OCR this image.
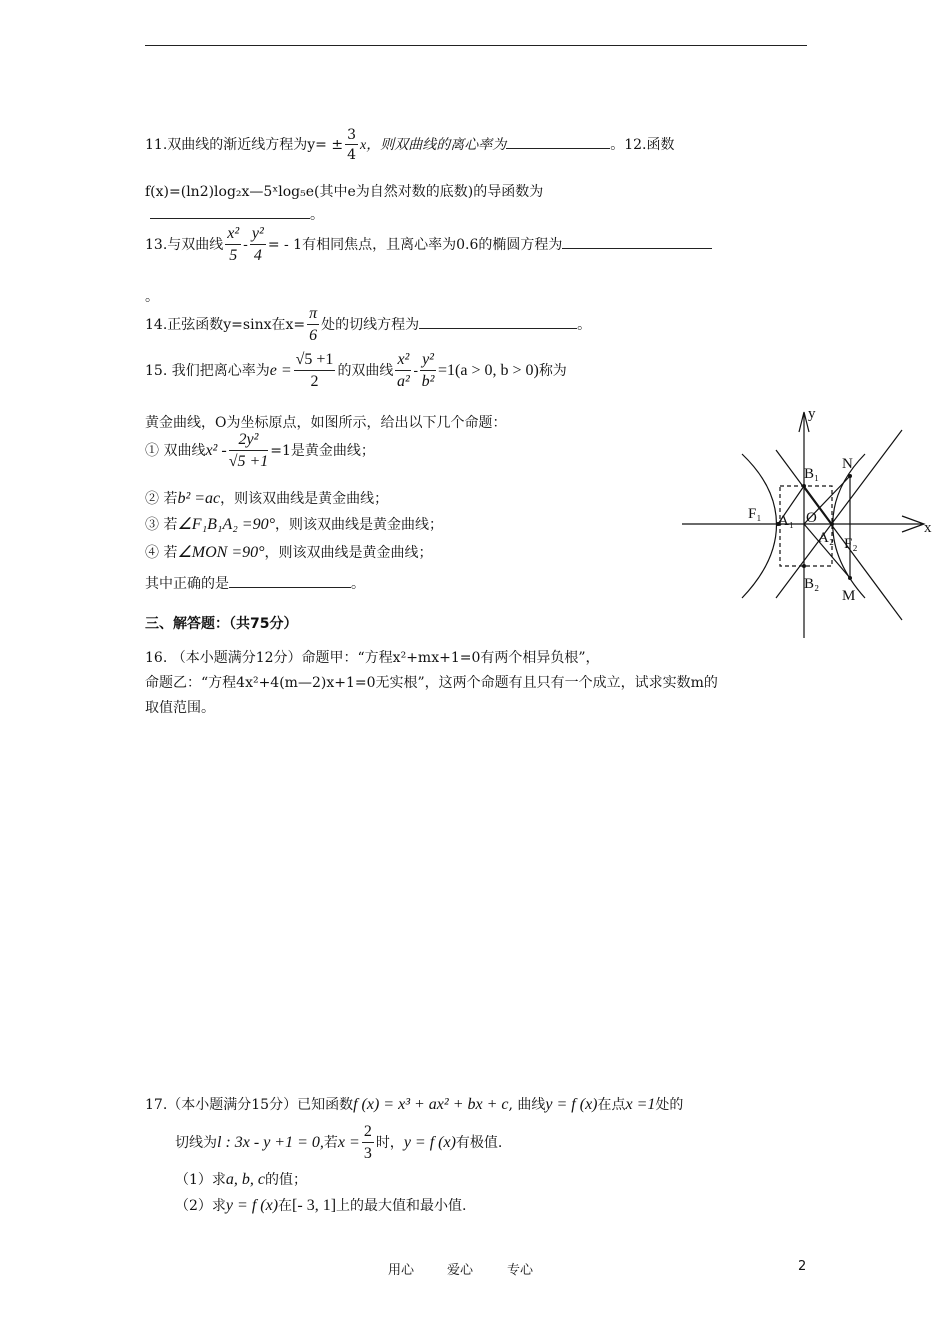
11.双曲线的渐近线方程为$y= \pm \frac{3}{4}$ x，则双曲线的离心率为	。12.函数
f(x)=(ln2)log₂x—5ˣlog₅e(其中e为自然对数的底数)的导函数为
。
13.与双曲线 $\frac{\text{x²}}{5} - \frac{\text{y²}}{4}$ = - 1有相同焦点，且离心率为0.6的椭圆方程为
。
14.正弦函数y=sinx在$x= \frac{\pi}{6}$ 处的切线方程为	。
15. 我们把离心率为$e = \frac{√5 +1}{2}$ 的双曲线 $\frac{\text{x²}}{\text{a²}} - \frac{\text{y²}}{\text{b²}} =1(a > 0$, b > 0)称为
黄金曲线，O为坐标原点，如图所示，给出以下几个命题：
① 双曲线$x^2 - \frac{\text{2y²}}{√5 +1} =1$是黄金曲线；
② 若b² =ac，则该双曲线是黄金曲线；
③ 若∠F₁B₁A₂ =90°，则该双曲线是黄金曲线；
④ 若∠MON =90°，则该双曲线是黄金曲线；
其中正确的是	。
y
x
B₁
B₂
N
M
F₁ A₁ O
A₂ F₂
三、解答题：（共75分）
16. （本小题满分12分）命题甲：“方程x²+mx+1=0有两个相异负根”，
命题乙：“方程4x²+4(m—2)x+1=0无实根”，这两个命题有且只有一个成立，试求实数m的
取值范围。
17.（本小题满分15分）已知函数f (x) = x³ + ax² + bx + c, 曲线y = f (x)在点x =1处的
切线为l : 3x - y +1 = 0,若$x = \frac{2}{3}$ 时，y = f (x)有极值.
（1）求a, b, c的值；
（2）求y = f (x)在[- 3, 1]上的最大值和最小值.
用心	爱心	专心	2
